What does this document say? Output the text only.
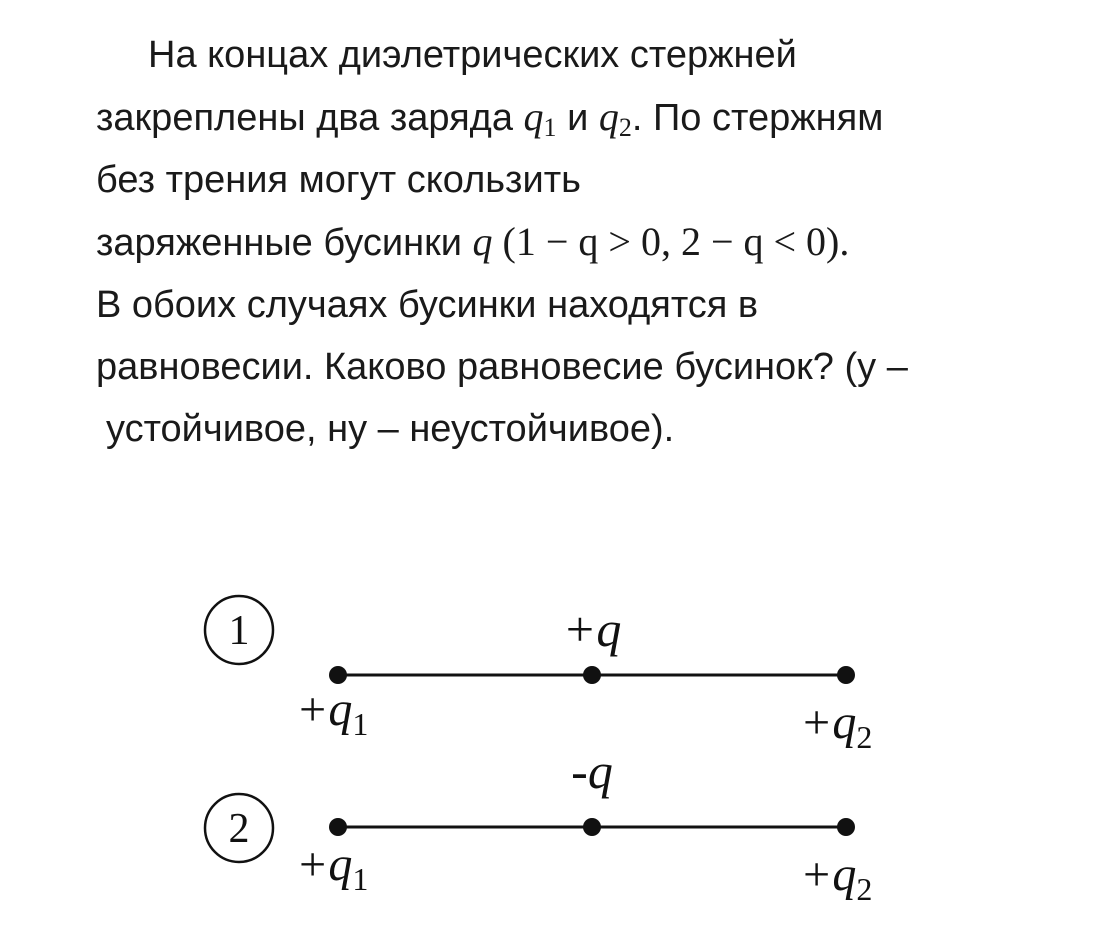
На концах диэлетрических стержней
закреплены два заряда $q_1$ и $q_2$. По стержням
без трения могут скользить
заряженные бусинки q (1 − q > 0, 2 − q < 0).
В обоих случаях бусинки находятся в
равновесии. Каково равновесие бусинок? (у –
устойчивое, ну – неустойчивое).
1	+q
$+q_1$	$+q_2$
2
-q
$+q_1$	$+q_2$
